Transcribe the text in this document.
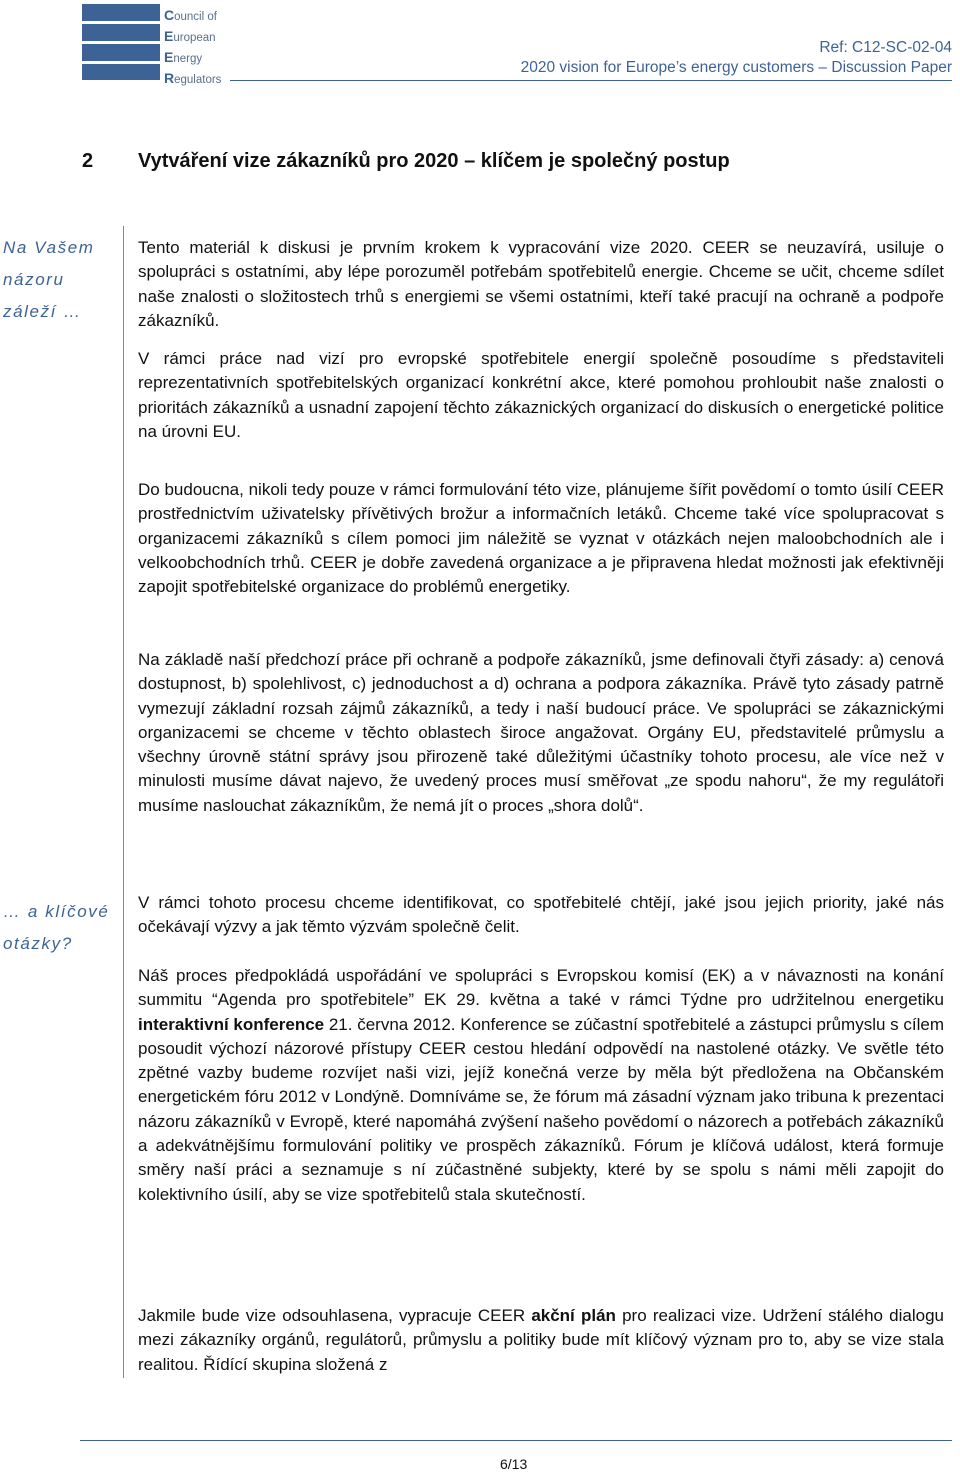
Council of
European
Energy
Regulators
Ref: C12-SC-02-04
2020 vision for Europe’s energy customers – Discussion Paper
2 Vytváření vize zákazníků pro 2020 – klíčem je společný postup
Na Vašem názoru záleží …
… a klíčové otázky?

Tento materiál k diskusi je prvním krokem k vypracování vize 2020. CEER se neuzavírá, usiluje o spolupráci s ostatními, aby lépe porozuměl potřebám spotřebitelů energie. Chceme se učit, chceme sdílet naše znalosti o složitostech trhů s energiemi se všemi ostatními, kteří také pracují na ochraně a podpoře zákazníků.

V rámci práce nad vizí pro evropské spotřebitele energií společně posoudíme s představiteli reprezentativních spotřebitelských organizací konkrétní akce, které pomohou prohloubit naše znalosti o prioritách zákazníků a usnadní zapojení těchto zákaznických organizací do diskusích o energetické politice na úrovni EU.

Do budoucna, nikoli tedy pouze v rámci formulování této vize, plánujeme šířit povědomí o tomto úsilí CEER prostřednictvím uživatelsky přívětivých brožur a informačních letáků. Chceme také více spolupracovat s organizacemi zákazníků s cílem pomoci jim náležitě se vyznat v otázkách nejen maloobchodních ale i velkoobchodních trhů. CEER je dobře zavedená organizace a je připravena hledat možnosti jak efektivněji zapojit spotřebitelské organizace do problémů energetiky.

Na základě naší předchozí práce při ochraně a podpoře zákazníků, jsme definovali čtyři zásady: a) cenová dostupnost, b) spolehlivost, c) jednoduchost a d) ochrana a podpora zákazníka. Právě tyto zásady patrně vymezují základní rozsah zájmů zákazníků, a tedy i naší budoucí práce. Ve spolupráci se zákaznickými organizacemi se chceme v těchto oblastech široce angažovat. Orgány EU, představitelé průmyslu a všechny úrovně státní správy jsou přirozeně také důležitými účastníky tohoto procesu, ale více než v minulosti musíme dávat najevo, že uvedený proces musí směřovat „ze spodu nahoru“, že my regulátoři musíme naslouchat zákazníkům, že nemá jít o proces „shora dolů“.

V rámci tohoto procesu chceme identifikovat, co spotřebitelé chtějí, jaké jsou jejich priority, jaké nás očekávají výzvy a jak těmto výzvám společně čelit.

Náš proces předpokládá uspořádání ve spolupráci s Evropskou komisí (EK) a v návaznosti na konání summitu “Agenda pro spotřebitele” EK 29. května a také v rámci Týdne pro udržitelnou energetiku interaktivní konference 21. června 2012. Konference se zúčastní spotřebitelé a zástupci průmyslu s cílem posoudit výchozí názorové přístupy CEER cestou hledání odpovědí na nastolené otázky. Ve světle této zpětné vazby budeme rozvíjet naši vizi, jejíž konečná verze by měla být předložena na Občanském energetickém fóru 2012 v Londýně. Domníváme se, že fórum má zásadní význam jako tribuna k prezentaci názoru zákazníků v Evropě, které napomáhá zvýšení našeho povědomí o názorech a potřebách zákazníků a adekvátnějšímu formulování politiky ve prospěch zákazníků. Fórum je klíčová událost, která formuje směry naší práci a seznamuje s ní zúčastněné subjekty, které by se spolu s námi měli zapojit do kolektivního úsilí, aby se vize spotřebitelů stala skutečností.

Jakmile bude vize odsouhlasena, vypracuje CEER akční plán pro realizaci vize. Udržení stálého dialogu mezi zákazníky orgánů, regulátorů, průmyslu a politiky bude mít klíčový význam pro to, aby se vize stala realitou. Řídící skupina složená z

6/13
